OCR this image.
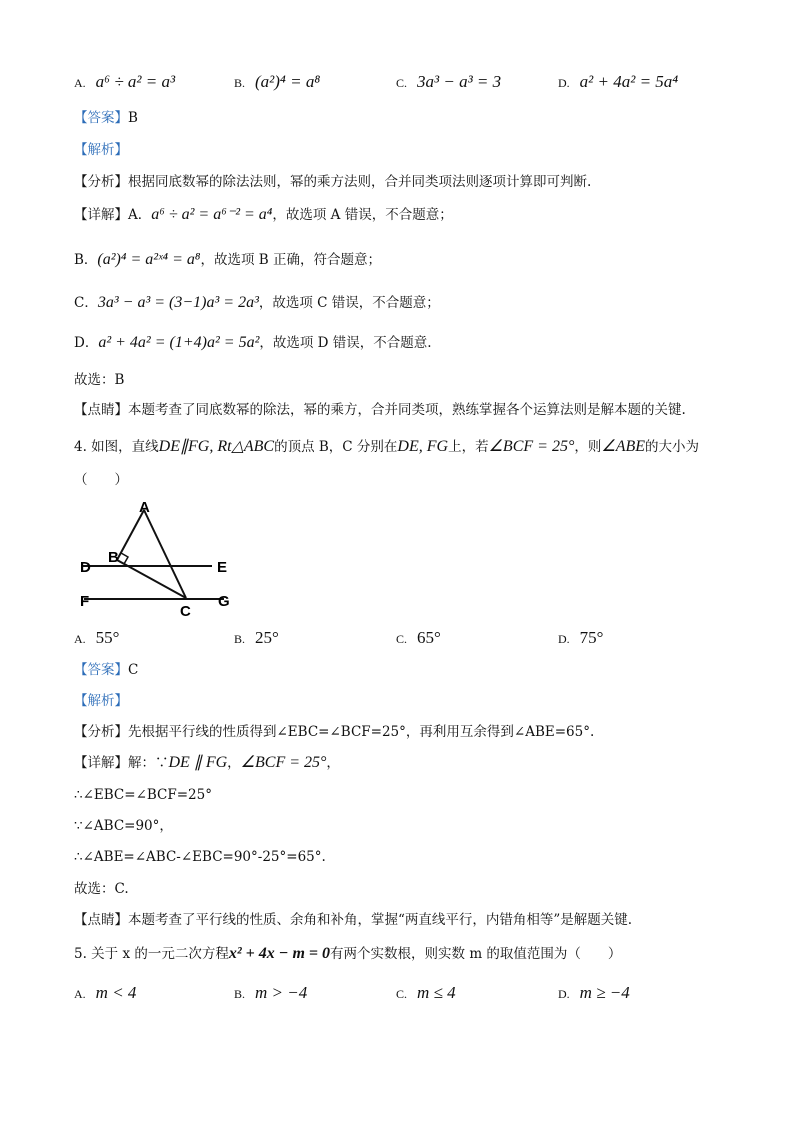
A. a⁶ ÷ a² = a³	B. (a²)⁴ = a⁸	C. 3a³ − a³ = 3	D. a² + 4a² = 5a⁴
【答案】B
【解析】
【分析】根据同底数幂的除法法则，幂的乘方法则，合并同类项法则逐项计算即可判断.
【详解】A．a⁶ ÷ a² = a⁶⁻² = a⁴，故选项 A 错误，不合题意；
B．(a²)⁴ = a²ˣ⁴ = a⁸，故选项 B 正确，符合题意；
C．3a³ − a³ = (3−1)a³ = 2a³，故选项 C 错误，不合题意；
D．a² + 4a² = (1+4)a² = 5a²，故选项 D 错误，不合题意.
故选：B
【点睛】本题考查了同底数幂的除法，幂的乘方，合并同类项，熟练掌握各个运算法则是解本题的关键.
4. 如图，直线DE∥FG, Rt△ABC的顶点 B，C 分别在DE, FG上，若∠BCF = 25°，则∠ABE的大小为
（　　）
A
B
C
D	E
F	G
A. 55°	B. 25°	C. 65°	D. 75°
【答案】C
【解析】
【分析】先根据平行线的性质得到∠EBC=∠BCF=25°，再利用互余得到∠ABE=65°.
【详解】解：∵DE ∥ FG，∠BCF = 25°，
∴∠EBC=∠BCF=25°
∵∠ABC=90°，
∴∠ABE=∠ABC-∠EBC=90°-25°=65°.
故选：C.
【点睛】本题考查了平行线的性质、余角和补角，掌握“两直线平行，内错角相等”是解题关键.
5. 关于 x 的一元二次方程x² + 4x − m = 0有两个实数根，则实数 m 的取值范围为（　　）
A. m < 4	B. m > −4	C. m ≤ 4	D. m ≥ −4
